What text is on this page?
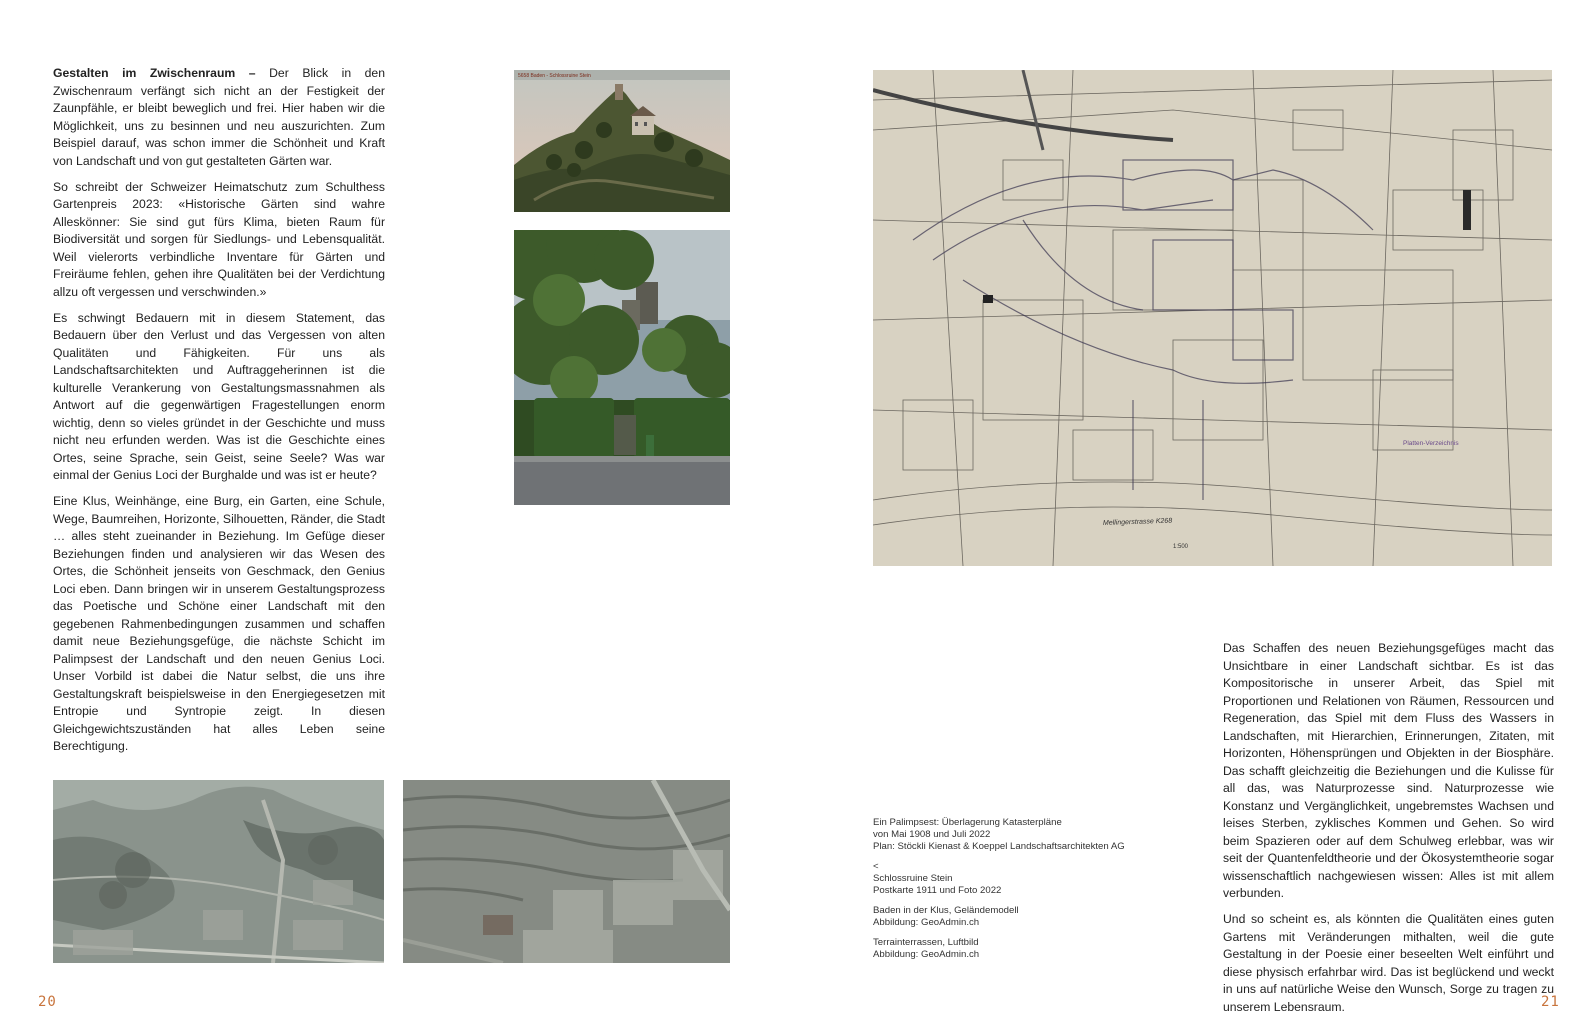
Gestalten im Zwischenraum – Der Blick in den Zwischenraum verfängt sich nicht an der Festigkeit der Zaunpfähle, er bleibt beweglich und frei. Hier haben wir die Möglichkeit, uns zu besinnen und neu auszurichten. Zum Beispiel darauf, was schon immer die Schönheit und Kraft von Landschaft und von gut gestalteten Gärten war.

So schreibt der Schweizer Heimatschutz zum Schulthess Gartenpreis 2023: «Historische Gärten sind wahre Alleskönner: Sie sind gut fürs Klima, bieten Raum für Biodiversität und sorgen für Siedlungs- und Lebensqualität. Weil vielerorts verbindliche Inventare für Gärten und Freiräume fehlen, gehen ihre Qualitäten bei der Verdichtung allzu oft vergessen und verschwinden.»

Es schwingt Bedauern mit in diesem Statement, das Bedauern über den Verlust und das Vergessen von alten Qualitäten und Fähigkeiten. Für uns als Landschaftsarchitekten und Auftraggeherinnen ist die kulturelle Verankerung von Gestaltungsmassnahmen als Antwort auf die gegenwärtigen Fragestellungen enorm wichtig, denn so vieles gründet in der Geschichte und muss nicht neu erfunden werden. Was ist die Geschichte eines Ortes, seine Sprache, sein Geist, seine Seele? Was war einmal der Genius Loci der Burghalde und was ist er heute?

Eine Klus, Weinhänge, eine Burg, ein Garten, eine Schule, Wege, Baumreihen, Horizonte, Silhouetten, Ränder, die Stadt … alles steht zueinander in Beziehung. Im Gefüge dieser Beziehungen finden und analysieren wir das Wesen des Ortes, die Schönheit jenseits von Geschmack, den Genius Loci eben. Dann bringen wir in unserem Gestaltungsprozess das Poetische und Schöne einer Landschaft mit den gegebenen Rahmenbedingungen zusammen und schaffen damit neue Beziehungsgefüge, die nächste Schicht im Palimpsest der Landschaft und den neuen Genius Loci. Unser Vorbild ist dabei die Natur selbst, die uns ihre Gestaltungskraft beispielsweise in den Energiegesetzen mit Entropie und Syntropie zeigt. In diesen Gleichgewichtszuständen hat alles Leben seine Berechtigung.

5658 Baden - Schlossruine Stein
Platten-Verzeichnis
Mellingerstrasse K268
1:500
Ein Palimpsest: Überlagerung Katasterpläne
von Mai 1908 und Juli 2022
Plan: Stöckli Kienast & Koeppel Landschaftsarchitekten AG
<
Schlossruine Stein
Postkarte 1911 und Foto 2022
Baden in der Klus, Geländemodell
Abbildung: GeoAdmin.ch
Terrainterrassen, Luftbild
Abbildung: GeoAdmin.ch

Das Schaffen des neuen Beziehungsgefüges macht das Unsichtbare in einer Landschaft sichtbar. Es ist das Kompositorische in unserer Arbeit, das Spiel mit Proportionen und Relationen von Räumen, Ressourcen und Regeneration, das Spiel mit dem Fluss des Wassers in Landschaften, mit Hierarchien, Erinnerungen, Zitaten, mit Horizonten, Höhensprüngen und Objekten in der Biosphäre. Das schafft gleichzeitig die Beziehungen und die Kulisse für all das, was Naturprozesse sind. Naturprozesse wie Konstanz und Vergänglichkeit, ungebremstes Wachsen und leises Sterben, zyklisches Kommen und Gehen. So wird beim Spazieren oder auf dem Schulweg erlebbar, was wir seit der Quantenfeldtheorie und der Ökosystemtheorie sogar wissenschaftlich nachgewiesen wissen: Alles ist mit allem verbunden.

Und so scheint es, als könnten die Qualitäten eines guten Gartens mit Veränderungen mithalten, weil die gute Gestaltung in der Poesie einer beseelten Welt einführt und diese physisch erfahrbar wird. Das ist beglückend und weckt in uns auf natürliche Weise den Wunsch, Sorge zu tragen zu unserem Lebensraum.

20	21
